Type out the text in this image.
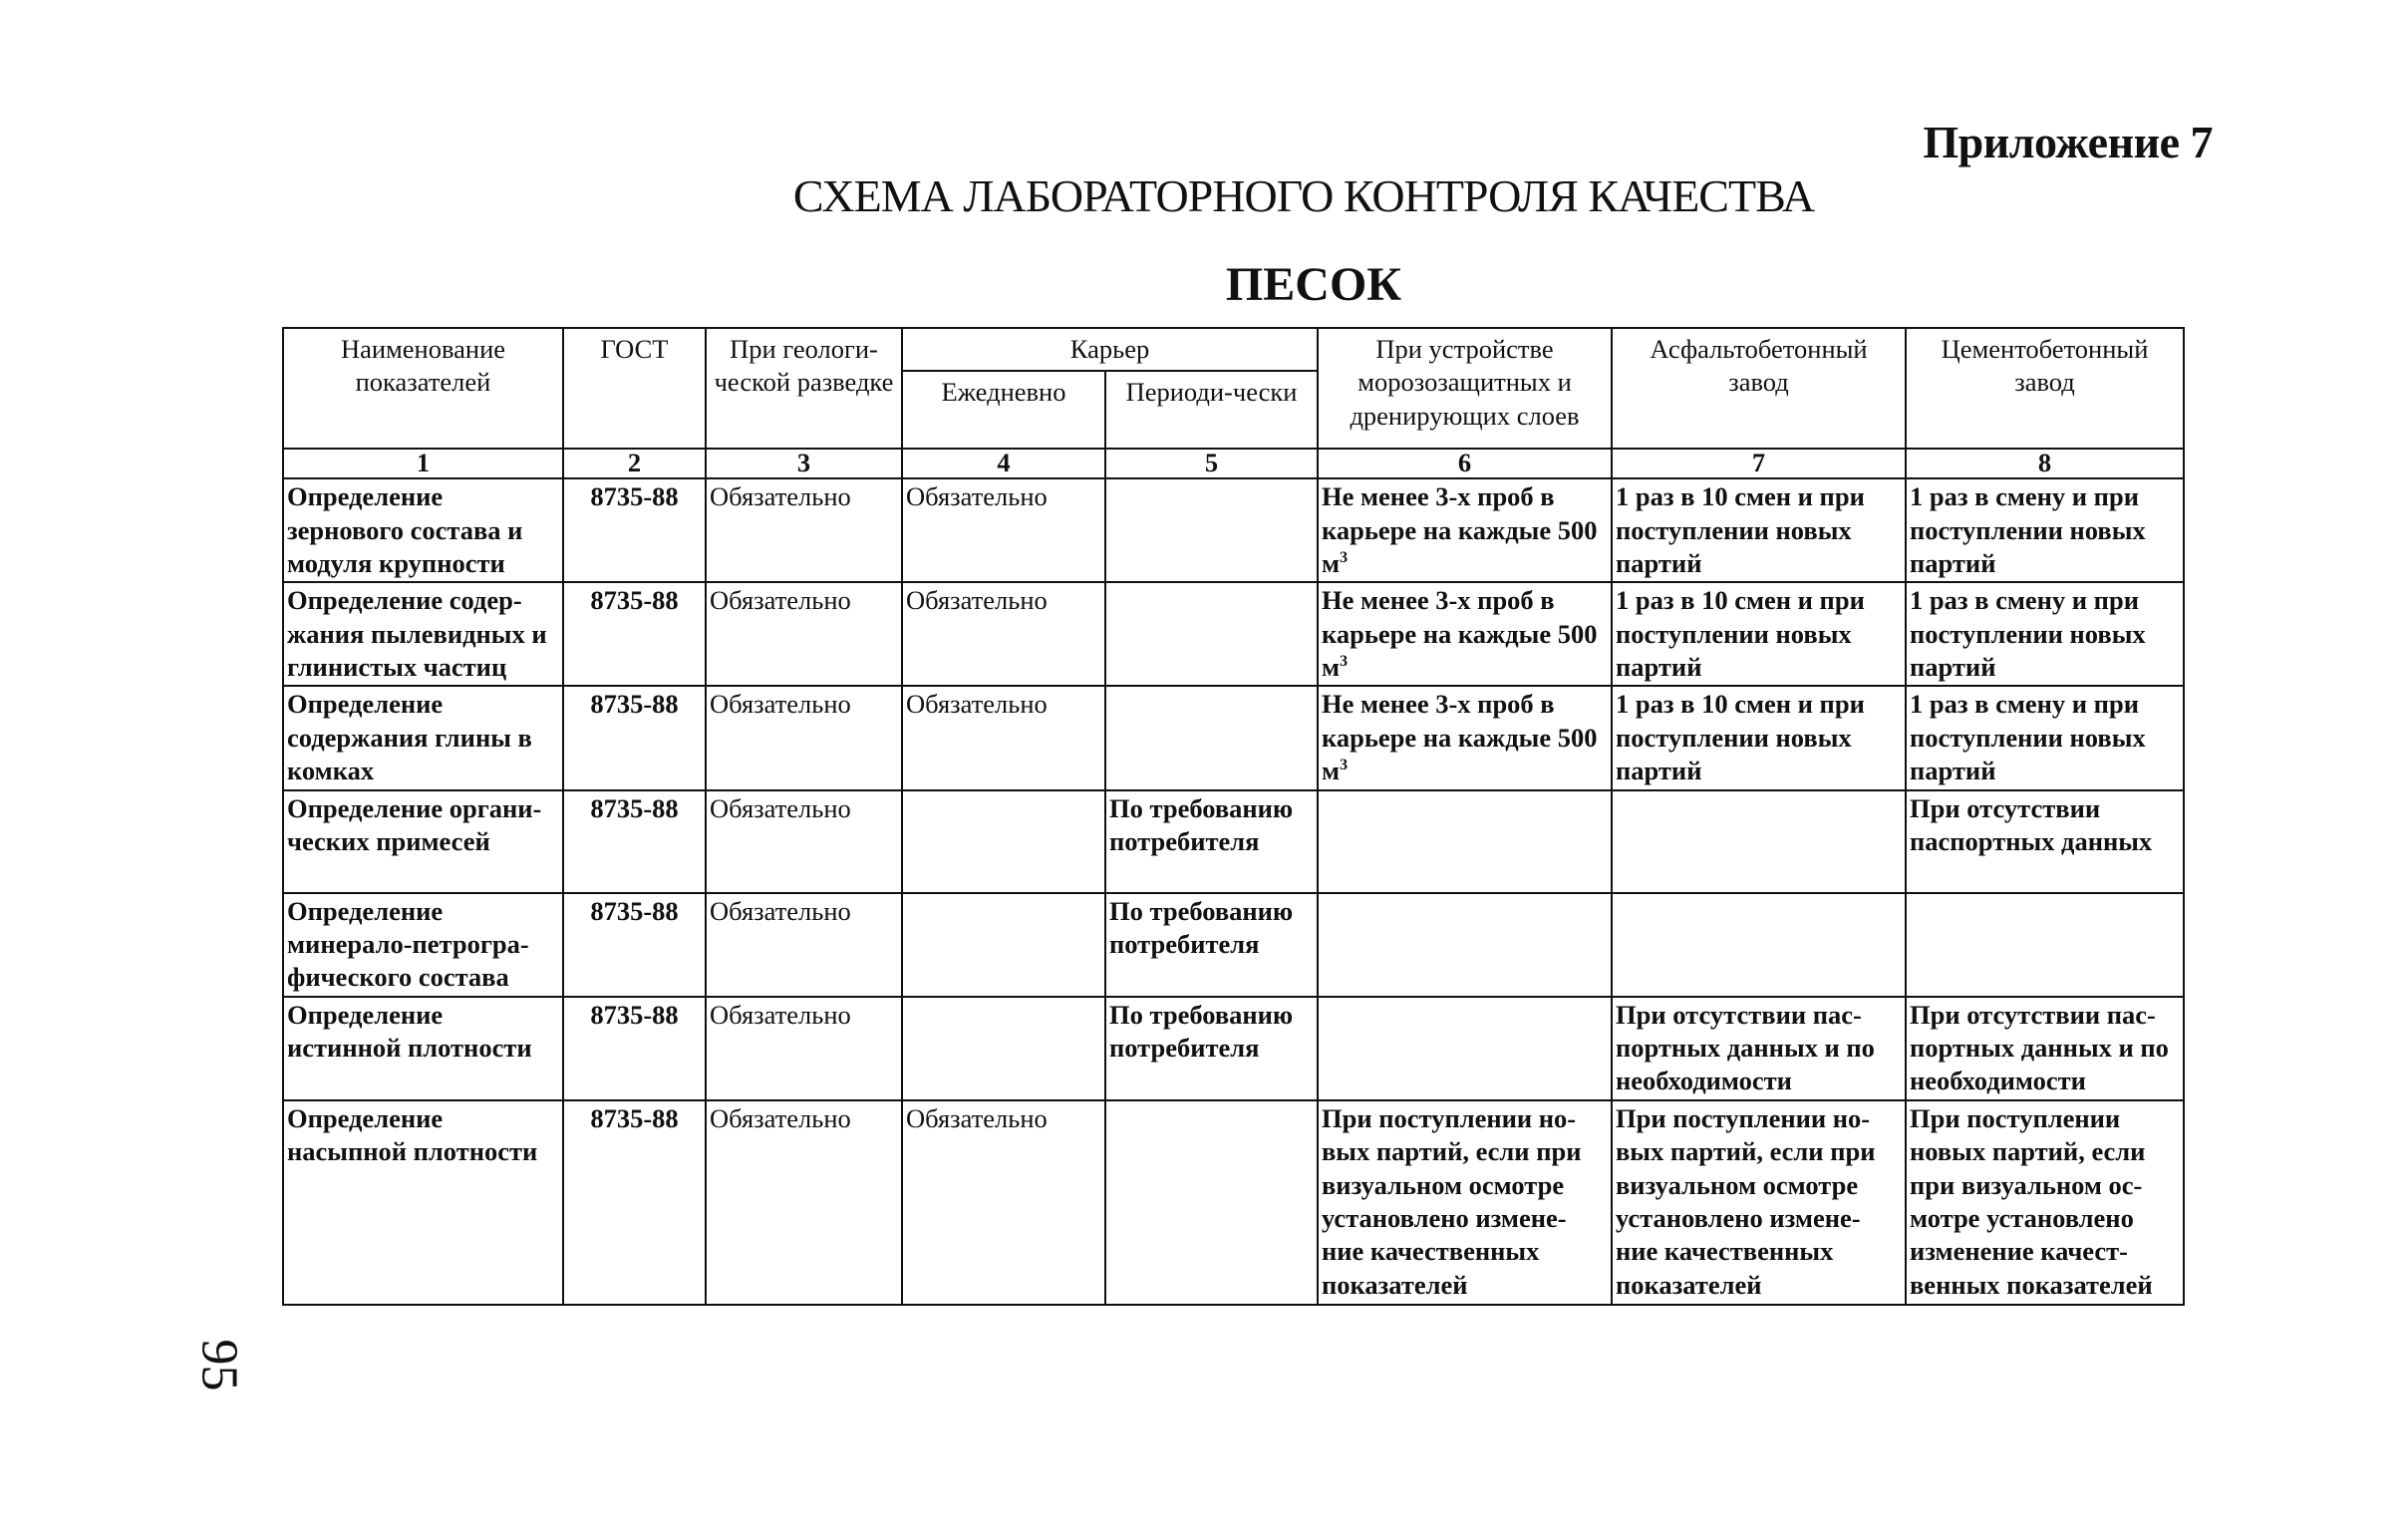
Приложение 7
СХЕМА ЛАБОРАТОРНОГО КОНТРОЛЯ КАЧЕСТВА
ПЕСОК
Наименование показателей	ГОСТ	При геологи-ческой разведке	Карьер		При устройстве морозозащитных и дренирующих слоев	Асфальтобетонный завод	Цементобетонный завод
			Ежедневно	Периоди-чески			
1	2	3	4	5	6	7	8
Определение зернового состава и модуля крупности	8735-88	Обязательно	Обязательно		Не менее 3-х проб в карьере на каждые 500 $м^3$	1 раз в 10 смен и при поступлении новых партий	1 раз в смену и при поступлении новых партий
Определение содер-жания пылевидных и глинистых частиц	8735-88	Обязательно	Обязательно		Не менее 3-х проб в карьере на каждые 500 $м^3$	1 раз в 10 смен и при поступлении новых партий	1 раз в смену и при поступлении новых партий
Определение содержания глины в комках	8735-88	Обязательно	Обязательно		Не менее 3-х проб в карьере на каждые 500 $м^3$	1 раз в 10 смен и при поступлении новых партий	1 раз в смену и при поступлении новых партий
Определение органи-ческих примесей	8735-88	Обязательно		По требованию потребителя			При отсутствии паспортных данных
Определение минерало-петрогра-фического состава	8735-88	Обязательно		По требованию потребителя			
Определение истинной плотности	8735-88	Обязательно		По требованию потребителя		При отсутствии пас-портных данных и по необходимости	При отсутствии пас-портных данных и по необходимости
Определение насыпной плотности	8735-88	Обязательно	Обязательно		При поступлении но-вых партий, если при визуальном осмотре установлено измене-ние качественных показателей	При поступлении но-вых партий, если при визуальном осмотре установлено измене-ние качественных показателей	При поступлении новых партий, если при визуальном ос-мотре установлено изменение качест-венных показателей
95
